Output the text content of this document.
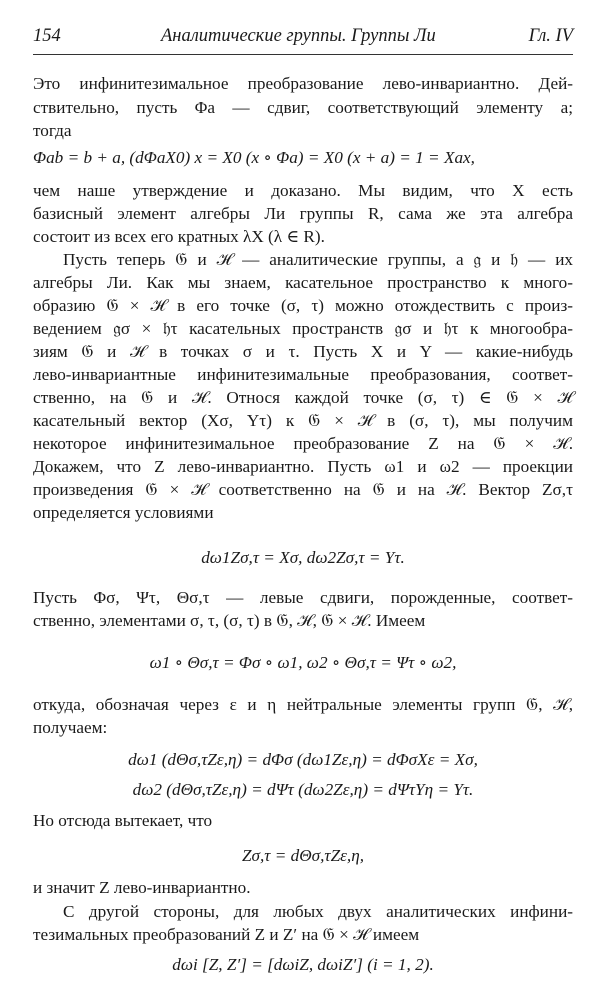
154	Аналитические группы. Группы Ли	Гл. IV
Это инфинитезимальное преобразование лево-инвариантно. Дей-
ствительно, пусть Φa — сдвиг, соответствующий элементу a;
тогда
Φab = b + a, (dΦaX0) x = X0 (x ∘ Φa) = X0 (x + a) = 1 = Xax,
чем наше утверждение и доказано. Мы видим, что X есть
базисный элемент алгебры Ли группы R, сама же эта алгебра
состоит из всех его кратных λX (λ ∈ R).
Пусть теперь 𝔊 и ℋ — аналитические группы, а 𝔤 и 𝔥 — их
алгебры Ли. Как мы знаем, касательное пространство к много-
образию 𝔊 × ℋ в его точке (σ, τ) можно отождествить с произ-
ведением 𝔤σ × 𝔥τ касательных пространств 𝔤σ и 𝔥τ к многообра-
зиям 𝔊 и ℋ в точках σ и τ. Пусть X и Y — какие-нибудь
лево-инвариантные инфинитезимальные преобразования, соответ-
ственно, на 𝔊 и ℋ. Относя каждой точке (σ, τ) ∈ 𝔊 × ℋ
касательный вектор (Xσ, Yτ) к 𝔊 × ℋ в (σ, τ), мы получим
некоторое инфинитезимальное преобразование Z на 𝔊 × ℋ.
Докажем, что Z лево-инвариантно. Пусть ω1 и ω2 — проекции
произведения 𝔊 × ℋ соответственно на 𝔊 и на ℋ. Вектор Zσ,τ
определяется условиями
dω1Zσ,τ = Xσ, dω2Zσ,τ = Yτ.
Пусть Φσ, Ψτ, Θσ,τ — левые сдвиги, порожденные, соответ-
ственно, элементами σ, τ, (σ, τ) в 𝔊, ℋ, 𝔊 × ℋ. Имеем
ω1 ∘ Θσ,τ = Φσ ∘ ω1, ω2 ∘ Θσ,τ = Ψτ ∘ ω2,
откуда, обозначая через ε и η нейтральные элементы групп 𝔊, ℋ,
получаем:
dω1 (dΘσ,τZε,η) = dΦσ (dω1Zε,η) = dΦσXε = Xσ,
dω2 (dΘσ,τZε,η) = dΨτ (dω2Zε,η) = dΨτYη = Yτ.
Но отсюда вытекает, что
Zσ,τ = dΘσ,τZε,η,
и значит Z лево-инвариантно.
С другой стороны, для любых двух аналитических инфини-
тезимальных преобразований Z и Z′ на 𝔊 × ℋ имеем
dωi [Z, Z′] = [dωiZ, dωiZ′] (i = 1, 2).
